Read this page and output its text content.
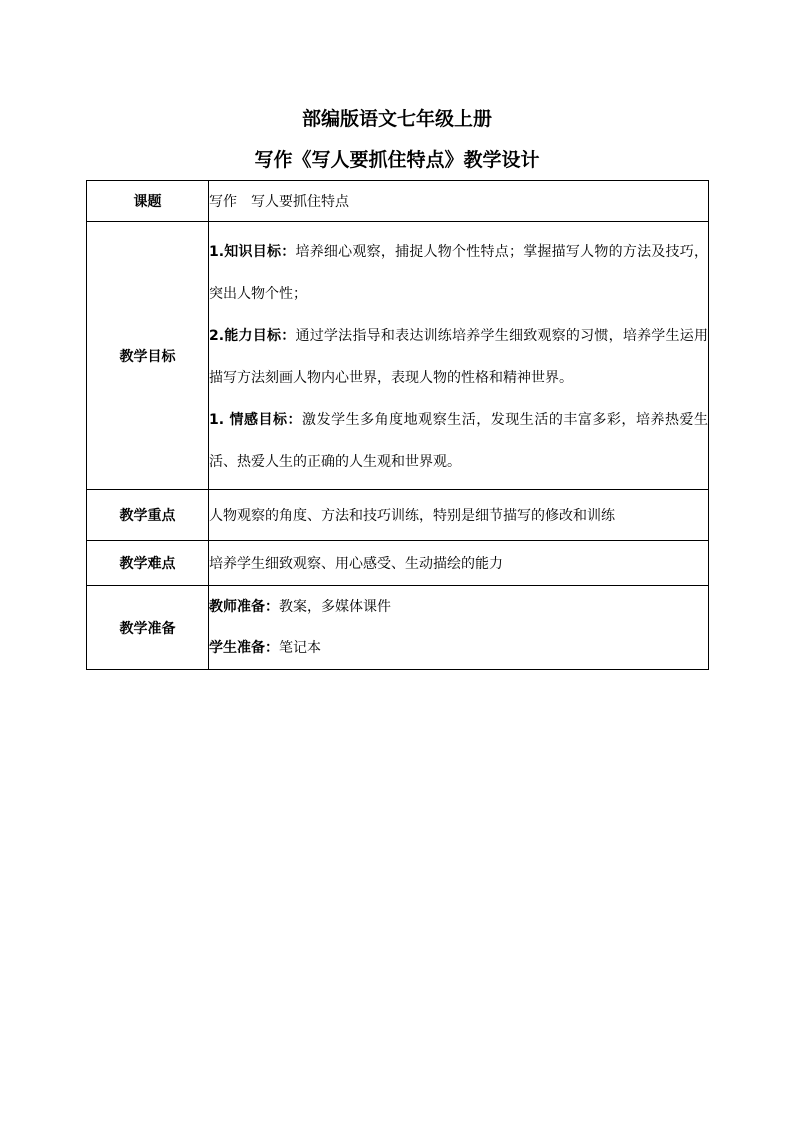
部编版语文七年级上册
写作《写人要抓住特点》教学设计
课题	写作　写人要抓住特点
教学目标	1.知识目标：培养细心观察，捕捉人物个性特点；掌握描写人物的方法及技巧，突出人物个性；

2.能力目标：通过学法指导和表达训练培养学生细致观察的习惯，培养学生运用描写方法刻画人物内心世界，表现人物的性格和精神世界。

1. 情感目标：激发学生多角度地观察生活，发现生活的丰富多彩，培养热爱生活、热爱人生的正确的人生观和世界观。

教学重点	人物观察的角度、方法和技巧训练，特别是细节描写的修改和训练
教学难点	培养学生细致观察、用心感受、生动描绘的能力
教学准备	教师准备：教案，多媒体课件

学生准备：笔记本
